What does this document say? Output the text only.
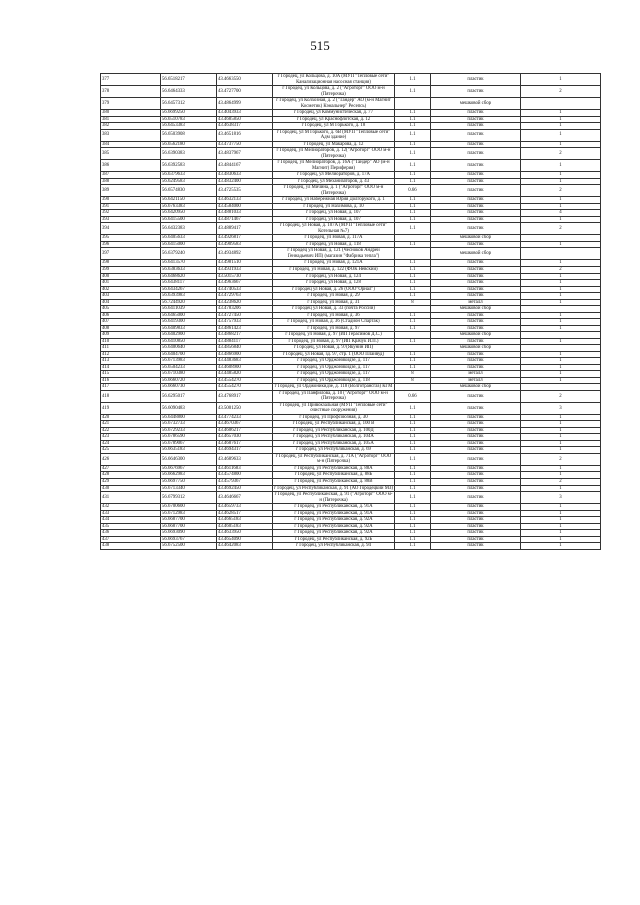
515
377	56.6518217	43.4663550	г Городец, ул Кольцова, д. 10А (МУП "Тепловые сети" Канализационная насосная станция)	1.1	пластик	1
378	56.6464333	43.4727700	г Городец, ул Кольцова, д. 2 ("Агроторг" ООО м-н (Пятерочка)	1.1	пластик	2
379	56.6457312	43.4864999	г Городец, ул Колхозная, д. 2 ("Тандер" АО (м-н Магнит Косметик) Кэмальнер" Ресепсь)		мешковой сбор	
380	56.6699250	43.4043933	г Городец, ул Коммунистическая, д. 77	1.1	пластик	1
381	56.6510783	43.4685850	г Городец, ул Краснофлотская, д. 12	1.1	пластик	1
382	56.6453383	43.4638317	г Городец, ул М Горького, д. 18	1.1	пластик	1
383	56.6503908	43.4651816	г Городец, ул М Горького, д. 6В (МУП "Тепловые сети" Адм здание)	1.1	пластик	1
384	56.6562180	43.4737750	г Городец, ул Макарова, д. 12	1.1	пластик	1
385	56.6390383	43.4837967	г Городец, ул Мелиораторов, д. 12("Агроторг" ООО м-н (Пятерочка)	1.1	пластик	2
386	56.6392583	43.4844167	г Городец, ул Мелиораторов, д. 16А ("Тандер" АО (м-н Магнит) Периферия)	1.1	пластик	1
387	56.6379633	43.4830633	г Городец, ул Мелиораторов, д. 17А	1.1	пластик	1
388	56.6249583	43.4832400	г Городец, ул Механизаторов, д. 43	1.1	пластик	1
389	56.6574830	43.4725535	г Городец, ул Мичина, д. 1 ("Агроторг" ООО м-н (Пятерочка)	0.66	пластик	2
390	56.6421150	43.4632133	г Городец, ул Набережная Юрия Долгорукого, д. 1	1.1	пластик	1
391	56.6763383	43.4584000	г Городец, ул Нахимова, д. 10	1.1	пластик	1
392	56.6420950	43.4881033	г Городец, ул Новая, д. 107	1.1	пластик	4
393	56.6415500	43.4871467	г Городец, ул Новая, д. 107	1.1	пластик	1
394	56.6432383	43.4889417	г Городец, ул Новая, д. 107А (МУП "Тепловые сети" Котельная №7)	1.1	пластик	2
395	56.6405633	43.4926817	г Городец, ул Новая, д. 117А		мешковой сбор	
396	56.6415000	43.4909583	г Городец, ул Новая, д. 118	1.1	пластик	1
397	56.6379240	43.4934892	г Городец ул Новая, д. 121 (Чесноков Андрей Геннадьевич ИП) (магазин "Фабрика тепла")		мешковой сбор	
398	56.6413570	43.4981510	г Городец, ул Новая, д. 121А	1.1	пластик	1
399	56.6383633	43.4931933	г Городец, ул Новая, д. 122 (ФОК Невский)	1.1	пластик	2
400	56.6468620	43.5015730	г Городец, ул Новая, д. 124	1.1	пластик	1
401	56.6438117	43.4963667	г Городец, ул Новая, д. 128	1.1	пластик	1
402	56.6434267	43.4740533	г Городец ул Новая, д. 26 (ООО"Орнал")	1.1	пластик	1
403	56.6393983	43.4729763	г Городец, ул Новая, д. 29	1.1	пластик	1
404	56.7244920	43.4238620	г Городец, ул Новая, д. 31	8	металл	1
405	56.6411039	43.4783206	г Городец ул Новая, д. 33 (почта России)		мешковой сбор	
406	56.6465000	43.4727450	г Городец, ул Новая, д. 36	1.1	пластик	1
407	56.6419300	43.4757933	г Городец, ул Новая, д. 36 (Стадион Спартак)	1.1	пластик	1
408	56.6409833	43.4861423	г Городец, ул Новая, д. 97	1.1	пластик	1
409	56.6402900	43.4868217	г Городец, ул Новая, д. 97 (ИП Герасимов Д.С.)		мешковой сбор	
410	56.6410850	43.4884117	г Городец, ул Новая, д. 97 (ИП Крачук И.П.)	1.1	пластик	1
411	56.6400640	43.4856840	г Городец, ул Новая, д. 97(Якунин ИП)		мешковой сбор	
412	56.6404700	43.4866900	г Городец, ул Новая, зд. 97, стр. 1 (ООО Плайвуд)	1.1	пластик	1
413	56.6713983	43.4483683	г Городец, ул Орджоникидзе, д. 117	1.1	пластик	1
414	56.6504233	43.4608900	г Городец, ул Орджоникидзе, д. 117	1.1	пластик	1
415	56.6710380	43.4485820	г Городец, ул Орджоникидзе, д. 117	8	металл	1
416	56.6660720	43.4554270	г Городец, ул Орджоникидзе, д. 118	8	металл	1
417	56.6660730	43.4554270	г Городец, ул Орджоникидзе, д. 118 (Волготрансгаз) КГМ		мешковой сбор	
418	56.6295017	43.4768917	г Городец, ул Панфилова, д. 10 ("Агроторг" ООО м-н (Пятерочка)	0.66	пластик	2
419	56.6090483	43.5001250	г Городец, ул Привокзальная (МУП "Тепловые сети" очистные сооружения)	1.1	пластик	3
420	56.6448800	43.4774233	г Городец, ул Профсоюзная, д. 30	1.1	пластик	1
421	56.6732733	43.4670367	г Городец, ул Республиканская, д. 100 В	1.1	пластик	1
422	56.6729233	43.4606217	г Городец, ул Республиканская, д. 100Д	1.1	пластик	1
423	56.6786590	43.4657030	г Городец, ул Республиканская, д. 104А	1.1	пластик	1
424	56.6789067	43.4687617	г Городец, ул Республиканская, д. 105А	1.1	пластик	1
425	56.6635183	43.4694317	г Городец, ул Республиканская, д. 69	1.1	пластик	1
426	56.6646300	43.4689633	г Городец, ул Республиканская, д. 71А ("Агроторг" ООО м-н (Пятерочка)	1.1	пластик	2
427	56.6676967	43.4611683	г Городец, ул Республиканская, д. 88А	1.1	пластик	1
428	56.6662983	43.4574800	г Городец, ул Республиканская, д. 88Б	1.1	пластик	1
429	56.6697750	43.4579367	г Городец, ул Республиканская, д. 88В	1.1	пластик	2
430	56.6713340	43.4692450	г Городец, ул Республиканская, д. 91 (АО Городецкий МЗ)	1.1	пластик	1
431	56.6799312	43.4646667	г Городец, ул Республиканская, д. 91 ("Агроторг" ООО м-н (Пятерочка)	1.1	пластик	3
432	56.6700600	43.4659733	г Городец, ул Республиканская, д. 91А	1.1	пластик	1
433	56.6712983	43.4628517	г Городец, ул Республиканская, д. 91А	1.1	пластик	1
434	56.6687700	43.4665183	г Городец, ул Республиканская, д. 92А	1.1	пластик	1
435	56.6687700	43.4605183	г Городец, ул Республиканская, д. 92А	1.1	пластик	1
436	56.6693090	43.4633950	г Городец, ул Республиканская, д. 92А	1.1	пластик	1
437	56.6693767	43.4654090	г Городец, ул Республиканская, д. 92Б	1.1	пластик	1
438	56.6752500	43.4642083	г Городец, ул Республиканская, д. 94	1.1	пластик	1
